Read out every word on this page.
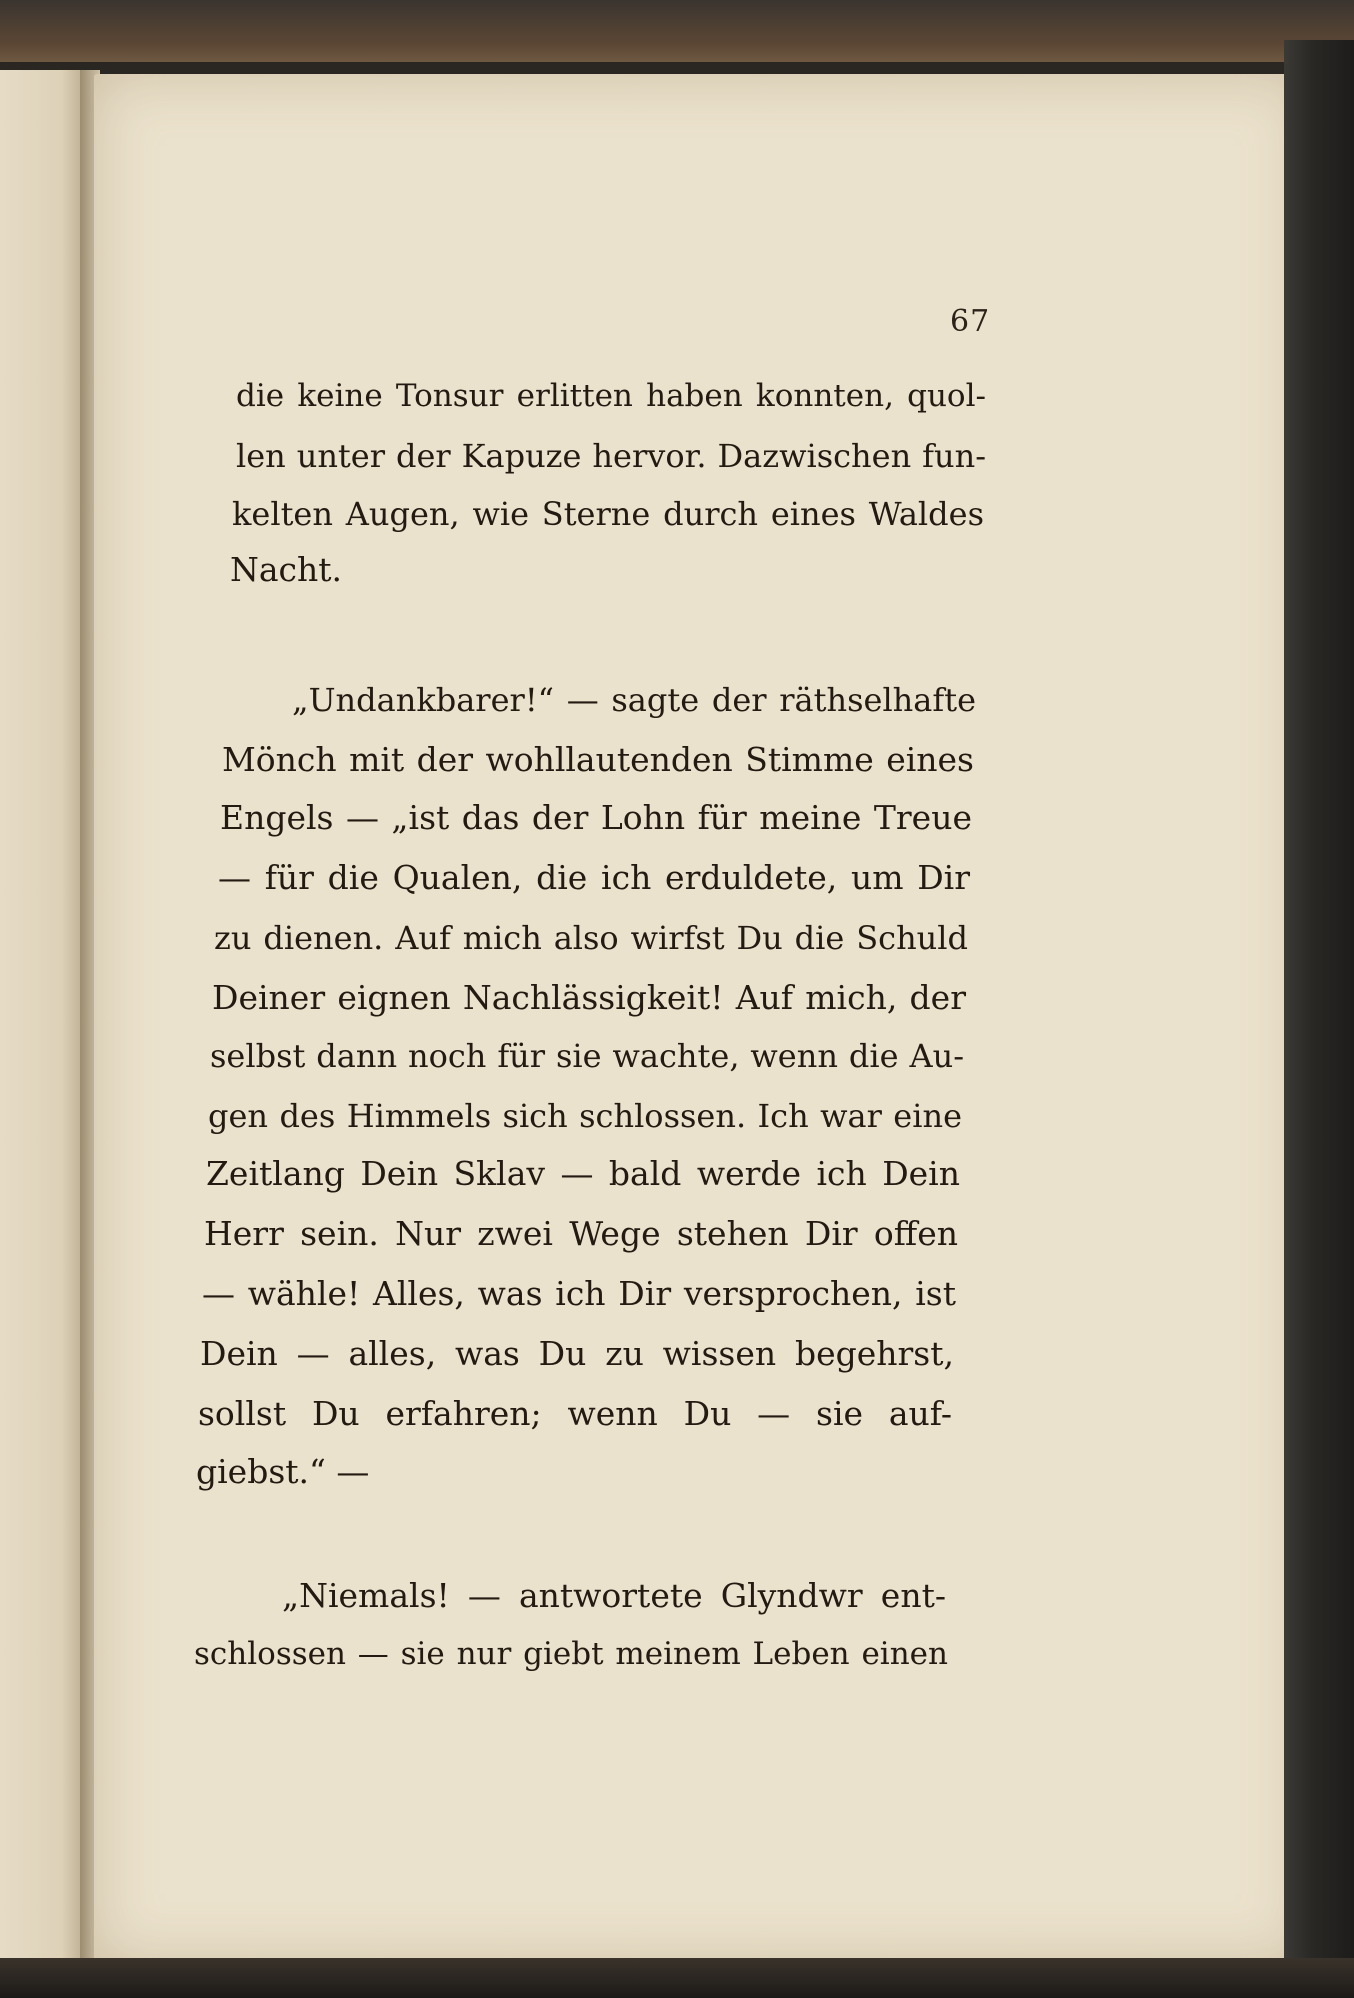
67
die keine Tonsur erlitten haben konnten, quol-
len unter der Kapuze hervor. Dazwischen fun-
kelten Augen, wie Sterne durch eines Waldes
Nacht.
„Undankbarer!“ — sagte der räthselhafte
Mönch mit der wohllautenden Stimme eines
Engels — „ist das der Lohn für meine Treue
— für die Qualen, die ich erduldete, um Dir
zu dienen. Auf mich also wirfst Du die Schuld
Deiner eignen Nachlässigkeit! Auf mich, der
selbst dann noch für sie wachte, wenn die Au-
gen des Himmels sich schlossen. Ich war eine
Zeitlang Dein Sklav — bald werde ich Dein
Herr sein. Nur zwei Wege stehen Dir offen
— wähle! Alles, was ich Dir versprochen, ist
Dein — alles, was Du zu wissen begehrst,
sollst Du erfahren; wenn Du — sie auf-
giebst.“ —
„Niemals! — antwortete Glyndwr ent-
schlossen — sie nur giebt meinem Leben einen
